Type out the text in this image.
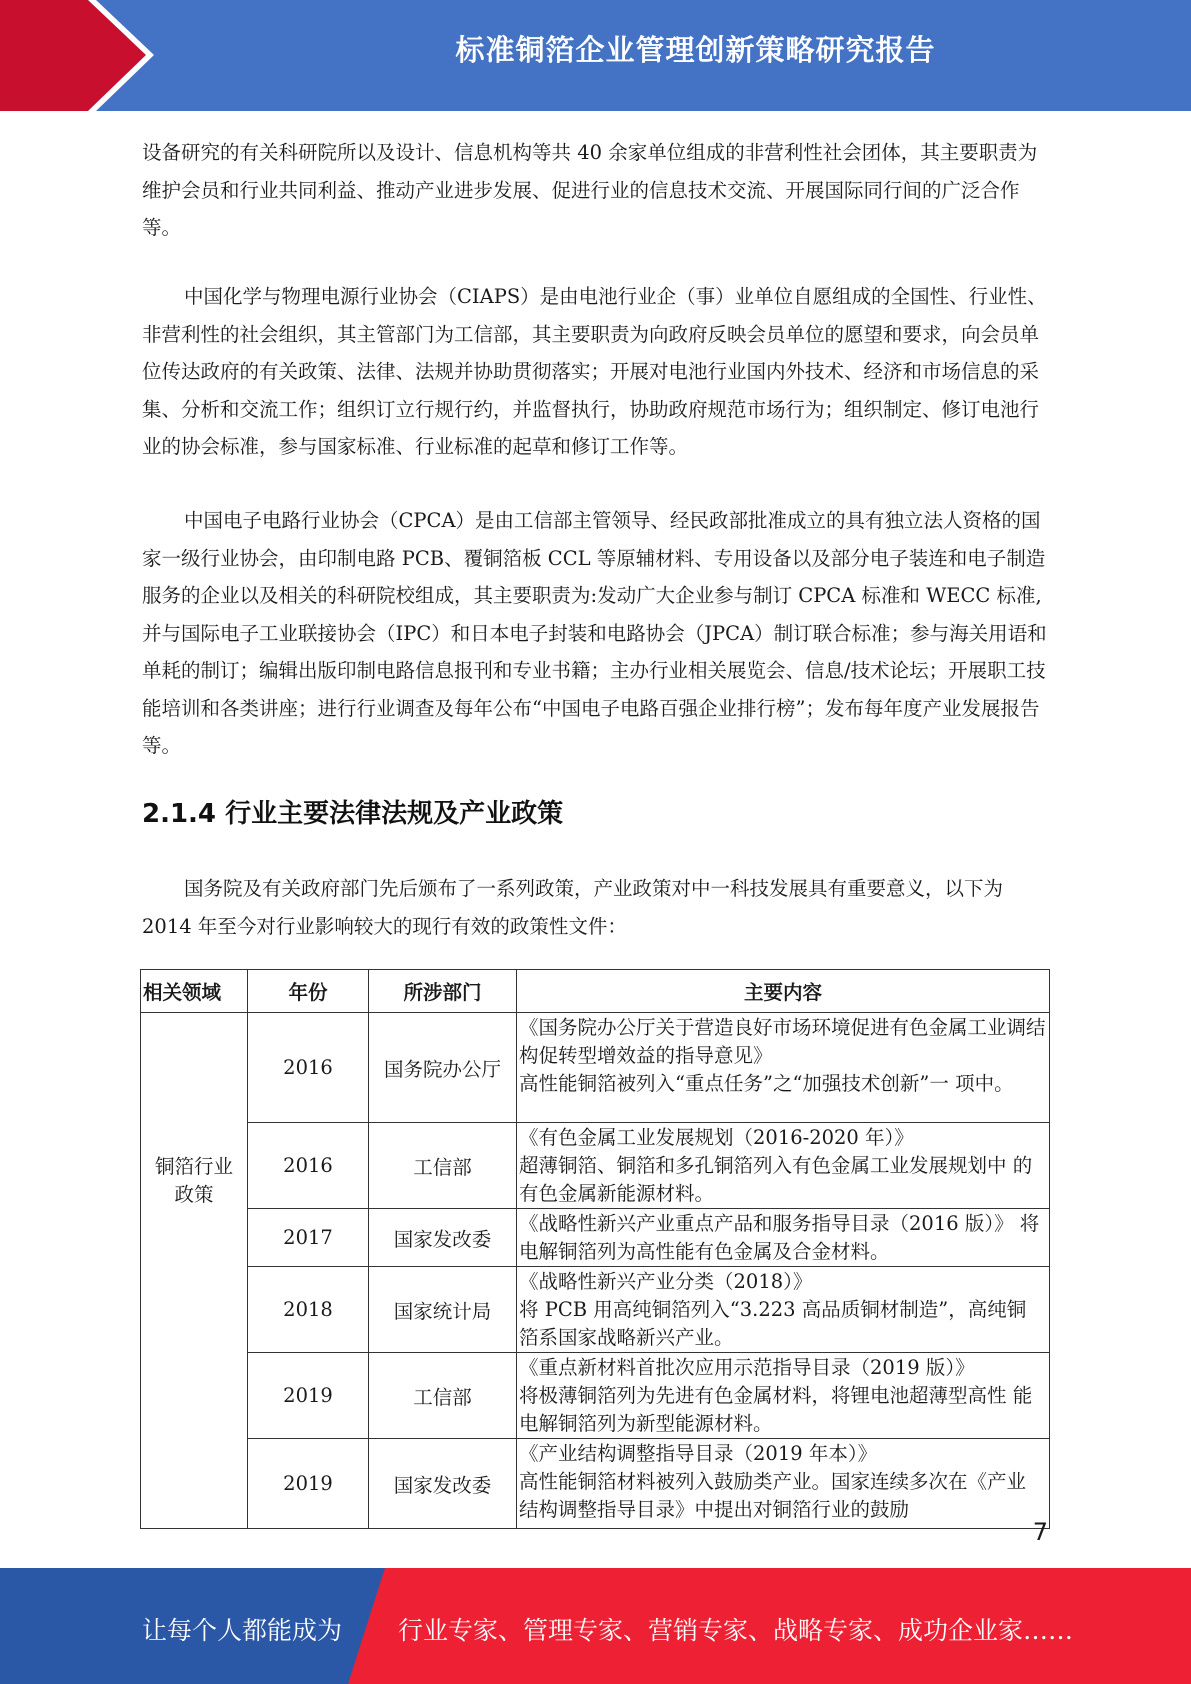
标准铜箔企业管理创新策略研究报告

设备研究的有关科研院所以及设计、信息机构等共 40 余家单位组成的非营利性社会团体，其主要职责为维护会员和行业共同利益、推动产业进步发展、促进行业的信息技术交流、开展国际同行间的广泛合作等。

中国化学与物理电源行业协会（CIAPS）是由电池行业企（事）业单位自愿组成的全国性、行业性、非营利性的社会组织，其主管部门为工信部，其主要职责为向政府反映会员单位的愿望和要求，向会员单位传达政府的有关政策、法律、法规并协助贯彻落实；开展对电池行业国内外技术、经济和市场信息的采集、分析和交流工作；组织订立行规行约，并监督执行，协助政府规范市场行为；组织制定、修订电池行业的协会标准，参与国家标准、行业标准的起草和修订工作等。

中国电子电路行业协会（CPCA）是由工信部主管领导、经民政部批准成立的具有独立法人资格的国家一级行业协会，由印制电路 PCB、覆铜箔板 CCL 等原辅材料、专用设备以及部分电子装连和电子制造服务的企业以及相关的科研院校组成，其主要职责为:发动广大企业参与制订 CPCA 标准和 WECC 标准,并与国际电子工业联接协会（IPC）和日本电子封装和电路协会（JPCA）制订联合标准；参与海关用语和单耗的制订；编辑出版印制电路信息报刊和专业书籍；主办行业相关展览会、信息/技术论坛；开展职工技能培训和各类讲座；进行行业调查及每年公布“中国电子电路百强企业排行榜”；发布每年度产业发展报告等。

2.1.4 行业主要法律法规及产业政策

国务院及有关政府部门先后颁布了一系列政策，产业政策对中一科技发展具有重要意义，以下为 2014 年至今对行业影响较大的现行有效的政策性文件：

相关领域	年份	所涉部门	主要内容

铜箔行业政策	2016	国务院办公厅	《国务院办公厅关于营造良好市场环境促进有色金属工业调结构促转型增效益的指导意见》
高性能铜箔被列入“重点任务”之“加强技术创新”一 项中。

	2016	工信部	《有色金属工业发展规划（2016-2020 年）》
超薄铜箔、铜箔和多孔铜箔列入有色金属工业发展规划中 的有色金属新能源材料。

	2017	国家发改委	《战略性新兴产业重点产品和服务指导目录（2016 版）》 将电解铜箔列为高性能有色金属及合金材料。

	2018	国家统计局	《战略性新兴产业分类（2018）》
将 PCB 用高纯铜箔列入“3.223 高品质铜材制造”，高纯铜 箔系国家战略新兴产业。

	2019	工信部	《重点新材料首批次应用示范指导目录（2019 版）》
将极薄铜箔列为先进有色金属材料，将锂电池超薄型高性 能电解铜箔列为新型能源材料。

	2019	国家发改委	《产业结构调整指导目录（2019 年本）》
高性能铜箔材料被列入鼓励类产业。国家连续多次在《产业 结构调整指导目录》中提出对铜箔行业的鼓励
7
让每个人都能成为 行业专家、管理专家、营销专家、战略专家、成功企业家……
